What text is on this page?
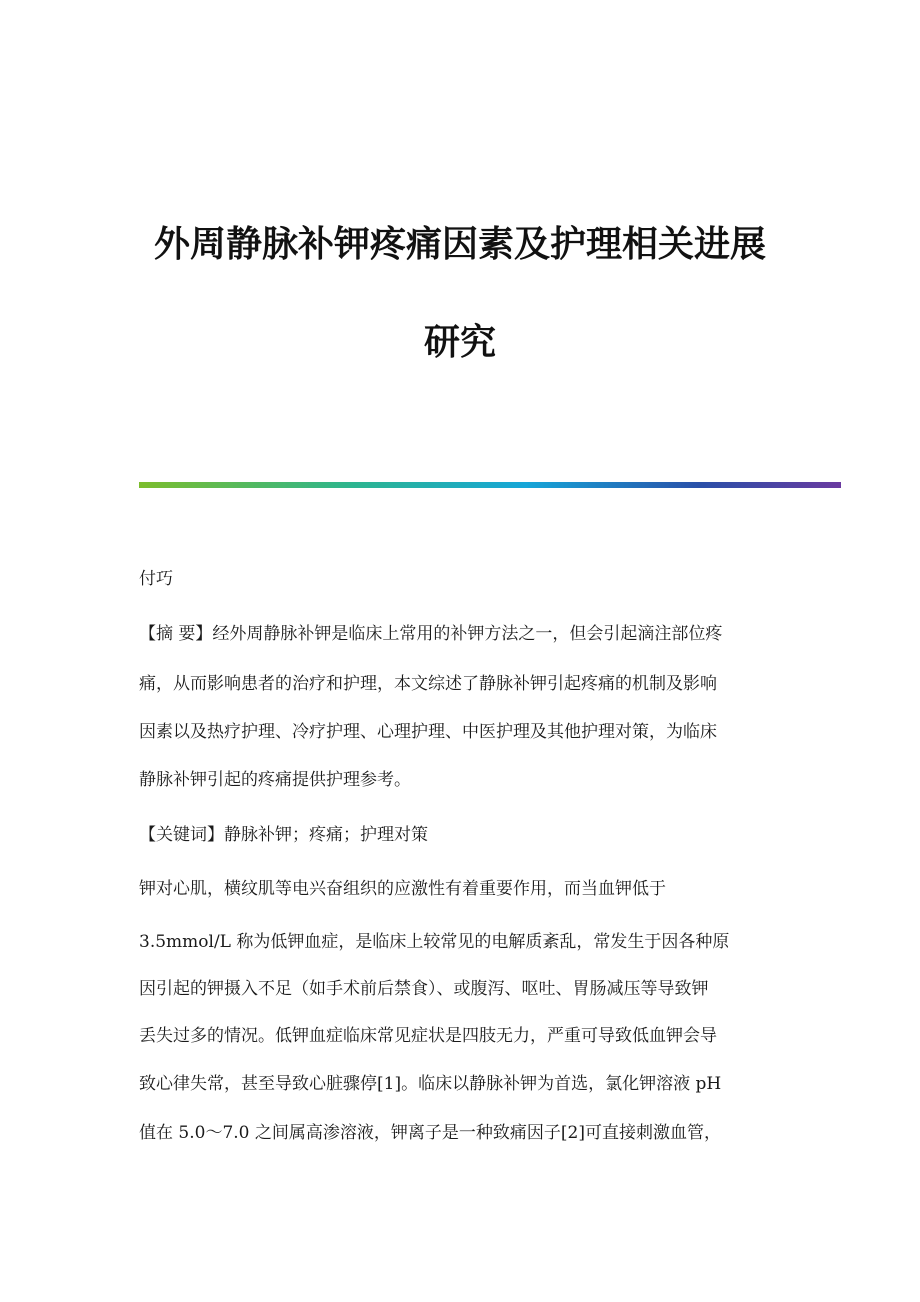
外周静脉补钾疼痛因素及护理相关进展
研究
付巧
【摘 要】经外周静脉补钾是临床上常用的补钾方法之一，但会引起滴注部位疼
痛，从而影响患者的治疗和护理，本文综述了静脉补钾引起疼痛的机制及影响
因素以及热疗护理、冷疗护理、心理护理、中医护理及其他护理对策，为临床
静脉补钾引起的疼痛提供护理参考。
【关键词】静脉补钾；疼痛；护理对策
钾对心肌，横纹肌等电兴奋组织的应激性有着重要作用，而当血钾低于
3.5mmol/L 称为低钾血症，是临床上较常见的电解质紊乱，常发生于因各种原
因引起的钾摄入不足（如手术前后禁食）、或腹泻、呕吐、胃肠减压等导致钾
丢失过多的情况。低钾血症临床常见症状是四肢无力，严重可导致低血钾会导
致心律失常，甚至导致心脏骤停[1]。临床以静脉补钾为首选，氯化钾溶液 pH
值在 5.0～7.0 之间属高渗溶液，钾离子是一种致痛因子[2]可直接刺激血管，
